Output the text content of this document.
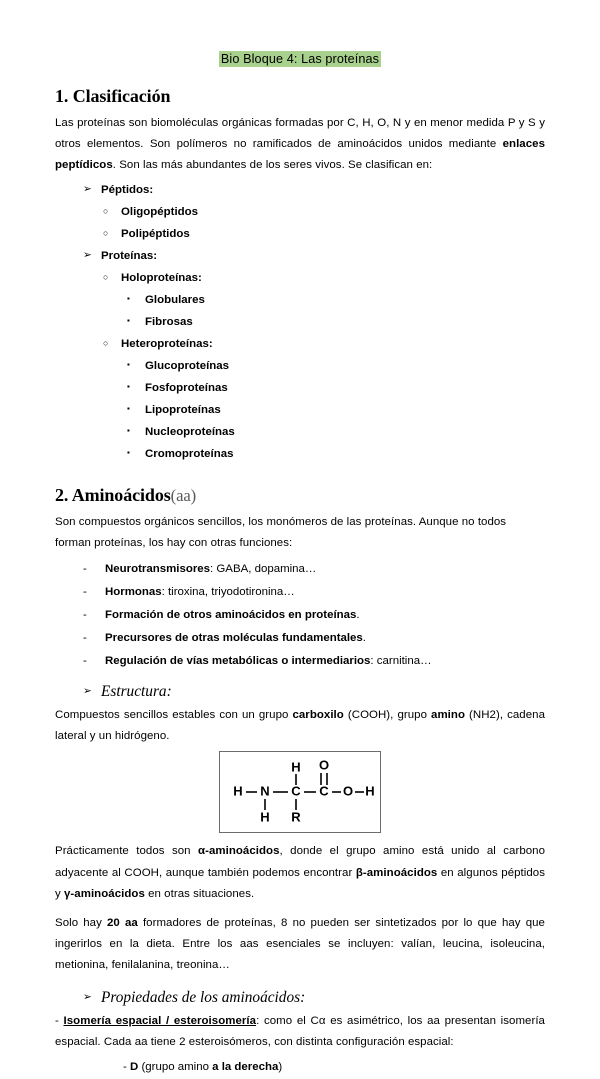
Bio Bloque 4: Las proteínas
1. Clasificación

Las proteínas son biomoléculas orgánicas formadas por C, H, O, N y en menor medida P y S y otros elementos. Son polímeros no ramificados de aminoácidos unidos mediante enlaces peptídicos. Son las más abundantes de los seres vivos. Se clasifican en:

➢ Péptidos:
○ Oligopéptidos
○ Polipéptidos
➢ Proteínas:
○ Holoproteínas:
▪ Globulares
▪ Fibrosas
○ Heteroproteínas:
▪ Glucoproteínas
▪ Fosfoproteínas
▪ Lipoproteínas
▪ Nucleoproteínas
▪ Cromoproteínas
2. Aminoácidos(aa)

Son compuestos orgánicos sencillos, los monómeros de las proteínas. Aunque no todos forman proteínas, los hay con otras funciones:

- Neurotransmisores: GABA, dopamina…
- Hormonas: tiroxina, triyodotironina…
- Formación de otros aminoácidos en proteínas.
- Precursores de otras moléculas fundamentales.
- Regulación de vías metabólicas o intermediarios: carnitina…
➢ Estructura:

Compuestos sencillos estables con un grupo carboxilo (COOH), grupo amino (NH2), cadena lateral y un hidrógeno.

H N C C O H
H
H
R
O

Prácticamente todos son α-aminoácidos, donde el grupo amino está unido al carbono adyacente al COOH, aunque también podemos encontrar β-aminoácidos en algunos péptidos y γ-aminoácidos en otras situaciones.

Solo hay 20 aa formadores de proteínas, 8 no pueden ser sintetizados por lo que hay que ingerirlos en la dieta. Entre los aas esenciales se incluyen: valían, leucina, isoleucina, metionina, fenilalanina, treonina…

➢ Propiedades de los aminoácidos:

- Isomería espacial / esteroisomería: como el Cα es asimétrico, los aa presentan isomería espacial. Cada aa tiene 2 esteroisómeros, con distinta configuración espacial:

- D (grupo amino a la derecha)
